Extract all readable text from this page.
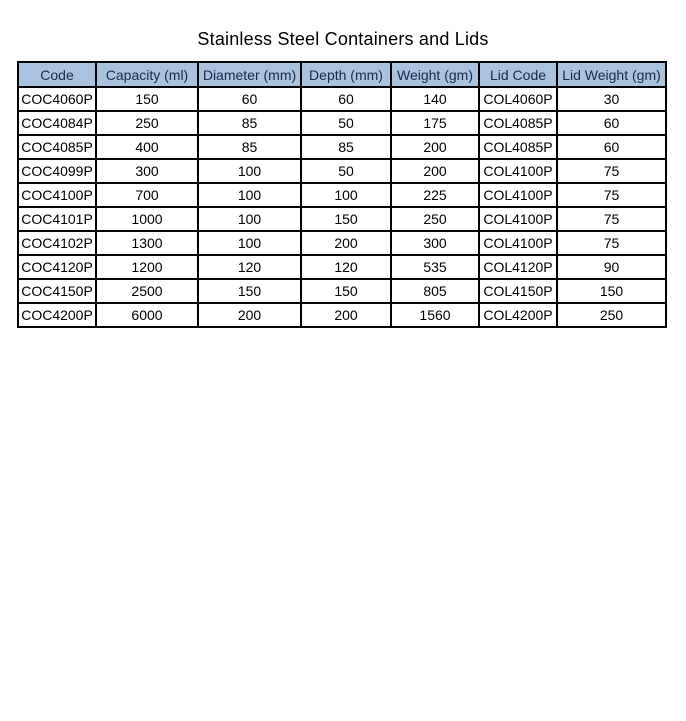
Stainless Steel Containers and Lids
Code	Capacity (ml)	Diameter (mm)	Depth (mm)	Weight (gm)	Lid Code	Lid Weight (gm)
COC4060P	150	60	60	140	COL4060P	30
COC4084P	250	85	50	175	COL4085P	60
COC4085P	400	85	85	200	COL4085P	60
COC4099P	300	100	50	200	COL4100P	75
COC4100P	700	100	100	225	COL4100P	75
COC4101P	1000	100	150	250	COL4100P	75
COC4102P	1300	100	200	300	COL4100P	75
COC4120P	1200	120	120	535	COL4120P	90
COC4150P	2500	150	150	805	COL4150P	150
COC4200P	6000	200	200	1560	COL4200P	250
